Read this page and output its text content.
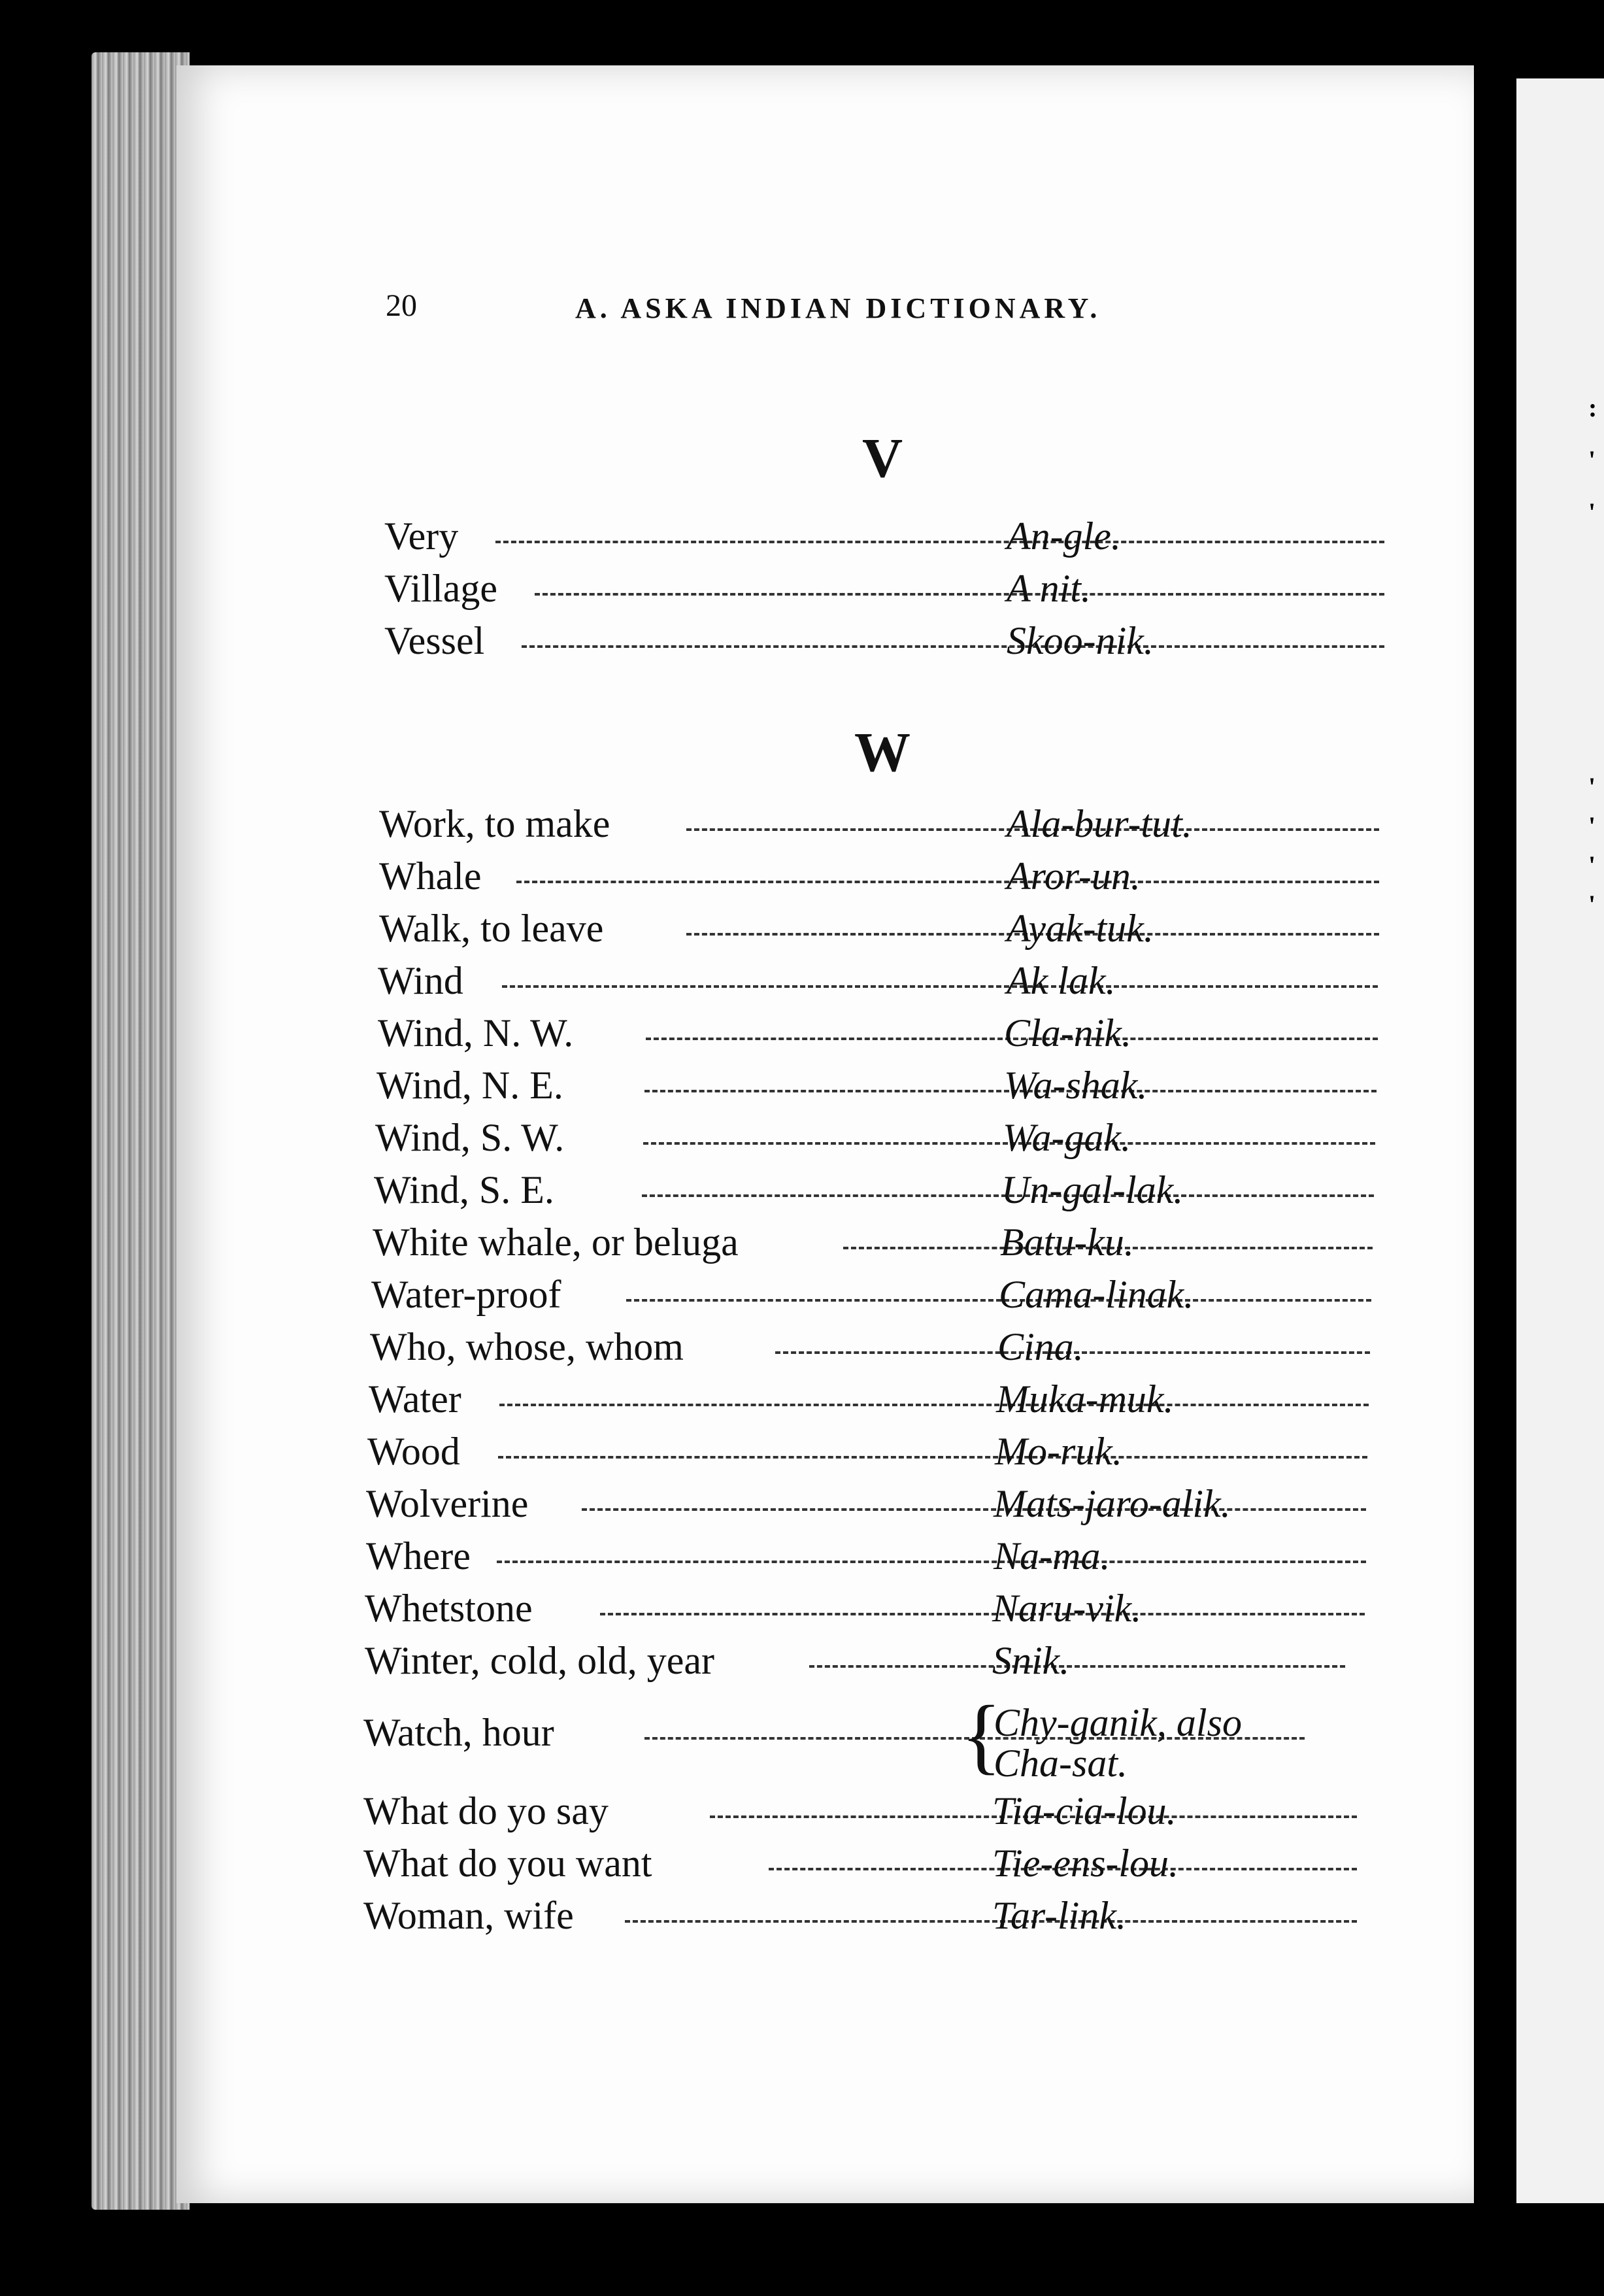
:
'
'
'
'
'
'
20	A. ASKA INDIAN DICTIONARY.
V
Very	An-gle.
Village	A nit.
Vessel	Skoo-nik.
W
Work, to make	Ala-bur-tut.
Whale	Aror-un.
Walk, to leave	Ayak-tuk.
Wind	Ak lak.
Wind, N. W.	Cla-nik.
Wind, N. E.	Wa-shak.
Wind, S. W.	Wa-gak.
Wind, S. E.	Un-gal-lak.
White whale, or beluga	Batu-ku.
Water-proof	Cama-linak.
Who, whose, whom	Cina.
Water	Muka-muk.
Wood	Mo-ruk.
Wolverine	Mats-jaro-alik.
Where	Na-ma.
Whetstone	Naru-vik.
Winter, cold, old, year	Snik.
Watch, hour	{
Chy-ganik, also
Cha-sat.
What do yo say	Tia-cia-lou.
What do you want	Tie-ens-lou.
Woman, wife	Tar-link.
